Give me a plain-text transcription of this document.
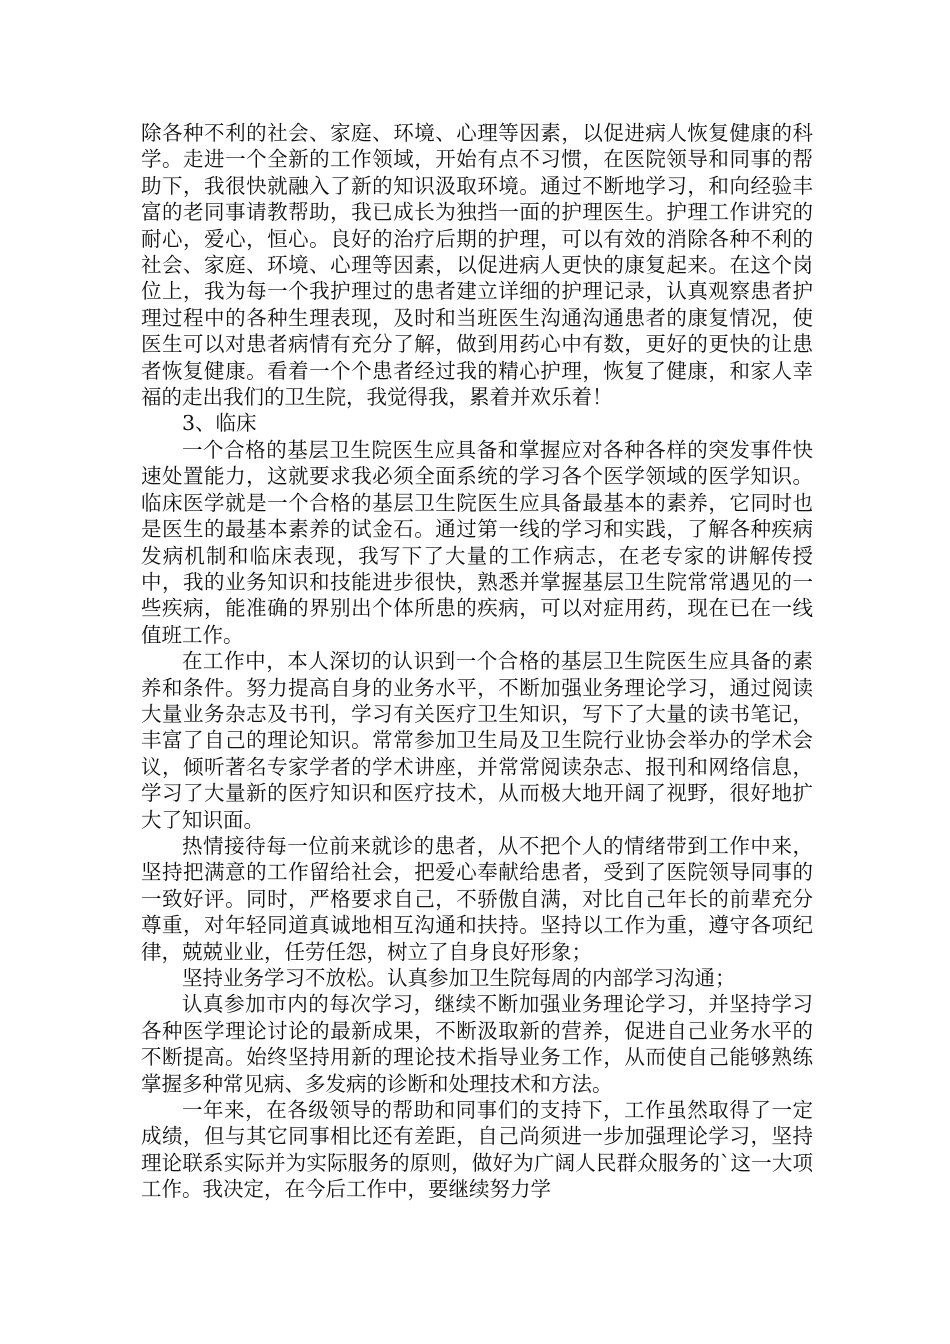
除各种不利的社会、家庭、环境、心理等因素，以促进病人恢复健康的科学。走进一个全新的工作领域，开始有点不习惯，在医院领导和同事的帮助下，我很快就融入了新的知识汲取环境。通过不断地学习，和向经验丰富的老同事请教帮助，我已成长为独挡一面的护理医生。护理工作讲究的耐心，爱心，恒心。良好的治疗后期的护理，可以有效的消除各种不利的社会、家庭、环境、心理等因素，以促进病人更快的康复起来。在这个岗位上，我为每一个我护理过的患者建立详细的护理记录，认真观察患者护理过程中的各种生理表现，及时和当班医生沟通沟通患者的康复情况，使医生可以对患者病情有充分了解，做到用药心中有数，更好的更快的让患者恢复健康。看着一个个患者经过我的精心护理，恢复了健康，和家人幸福的走出我们的卫生院，我觉得我，累着并欢乐着！

3、临床

一个合格的基层卫生院医生应具备和掌握应对各种各样的突发事件快速处置能力，这就要求我必须全面系统的学习各个医学领域的医学知识。临床医学就是一个合格的基层卫生院医生应具备最基本的素养，它同时也是医生的最基本素养的试金石。通过第一线的学习和实践，了解各种疾病发病机制和临床表现，我写下了大量的工作病志，在老专家的讲解传授中，我的业务知识和技能进步很快，熟悉并掌握基层卫生院常常遇见的一些疾病，能准确的界别出个体所患的疾病，可以对症用药，现在已在一线值班工作。

在工作中，本人深切的认识到一个合格的基层卫生院医生应具备的素养和条件。努力提高自身的业务水平，不断加强业务理论学习，通过阅读大量业务杂志及书刊，学习有关医疗卫生知识，写下了大量的读书笔记，丰富了自己的理论知识。常常参加卫生局及卫生院行业协会举办的学术会议，倾听著名专家学者的学术讲座，并常常阅读杂志、报刊和网络信息，学习了大量新的医疗知识和医疗技术，从而极大地开阔了视野，很好地扩大了知识面。

热情接待每一位前来就诊的患者，从不把个人的情绪带到工作中来，坚持把满意的工作留给社会，把爱心奉献给患者，受到了医院领导同事的一致好评。同时，严格要求自己，不骄傲自满，对比自己年长的前辈充分尊重，对年轻同道真诚地相互沟通和扶持。坚持以工作为重，遵守各项纪律，兢兢业业，任劳任怨，树立了自身良好形象；

坚持业务学习不放松。认真参加卫生院每周的内部学习沟通；

认真参加市内的每次学习，继续不断加强业务理论学习，并坚持学习各种医学理论讨论的最新成果，不断汲取新的营养，促进自己业务水平的不断提高。始终坚持用新的理论技术指导业务工作，从而使自己能够熟练掌握多种常见病、多发病的诊断和处理技术和方法。

一年来，在各级领导的帮助和同事们的支持下，工作虽然取得了一定成绩，但与其它同事相比还有差距，自己尚须进一步加强理论学习，坚持理论联系实际并为实际服务的原则，做好为广阔人民群众服务的`这一大项工作。我决定，在今后工作中，要继续努力学
